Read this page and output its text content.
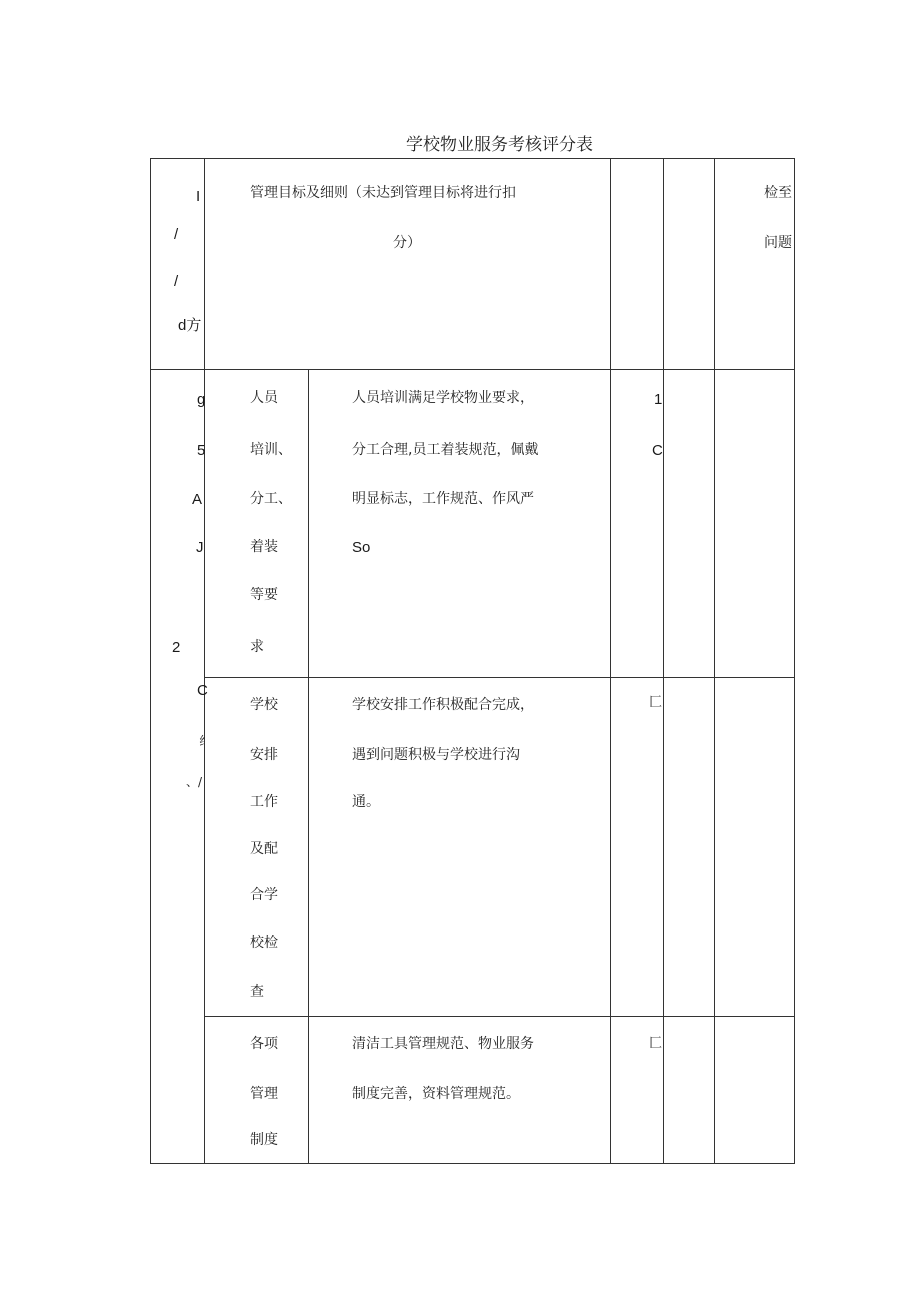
学校物业服务考核评分表
I
/
/
d方
管理目标及细则（未达到管理目标将进行扣
分）
检至
问题
g
5
A
J
2
C
纟
、/
人员
培训、
分工、
着装
等要
求
人员培训满足学校物业要求，
分工合理,员工着装规范，佩戴
明显标志，工作规范、作风严
So
1
C
学校
安排
工作
及配
合学
校检
查
学校安排工作积极配合完成，
遇到问题积极与学校进行沟
通。
匚
各项
管理
制度
清洁工具管理规范、物业服务
制度完善，资料管理规范。
匚
